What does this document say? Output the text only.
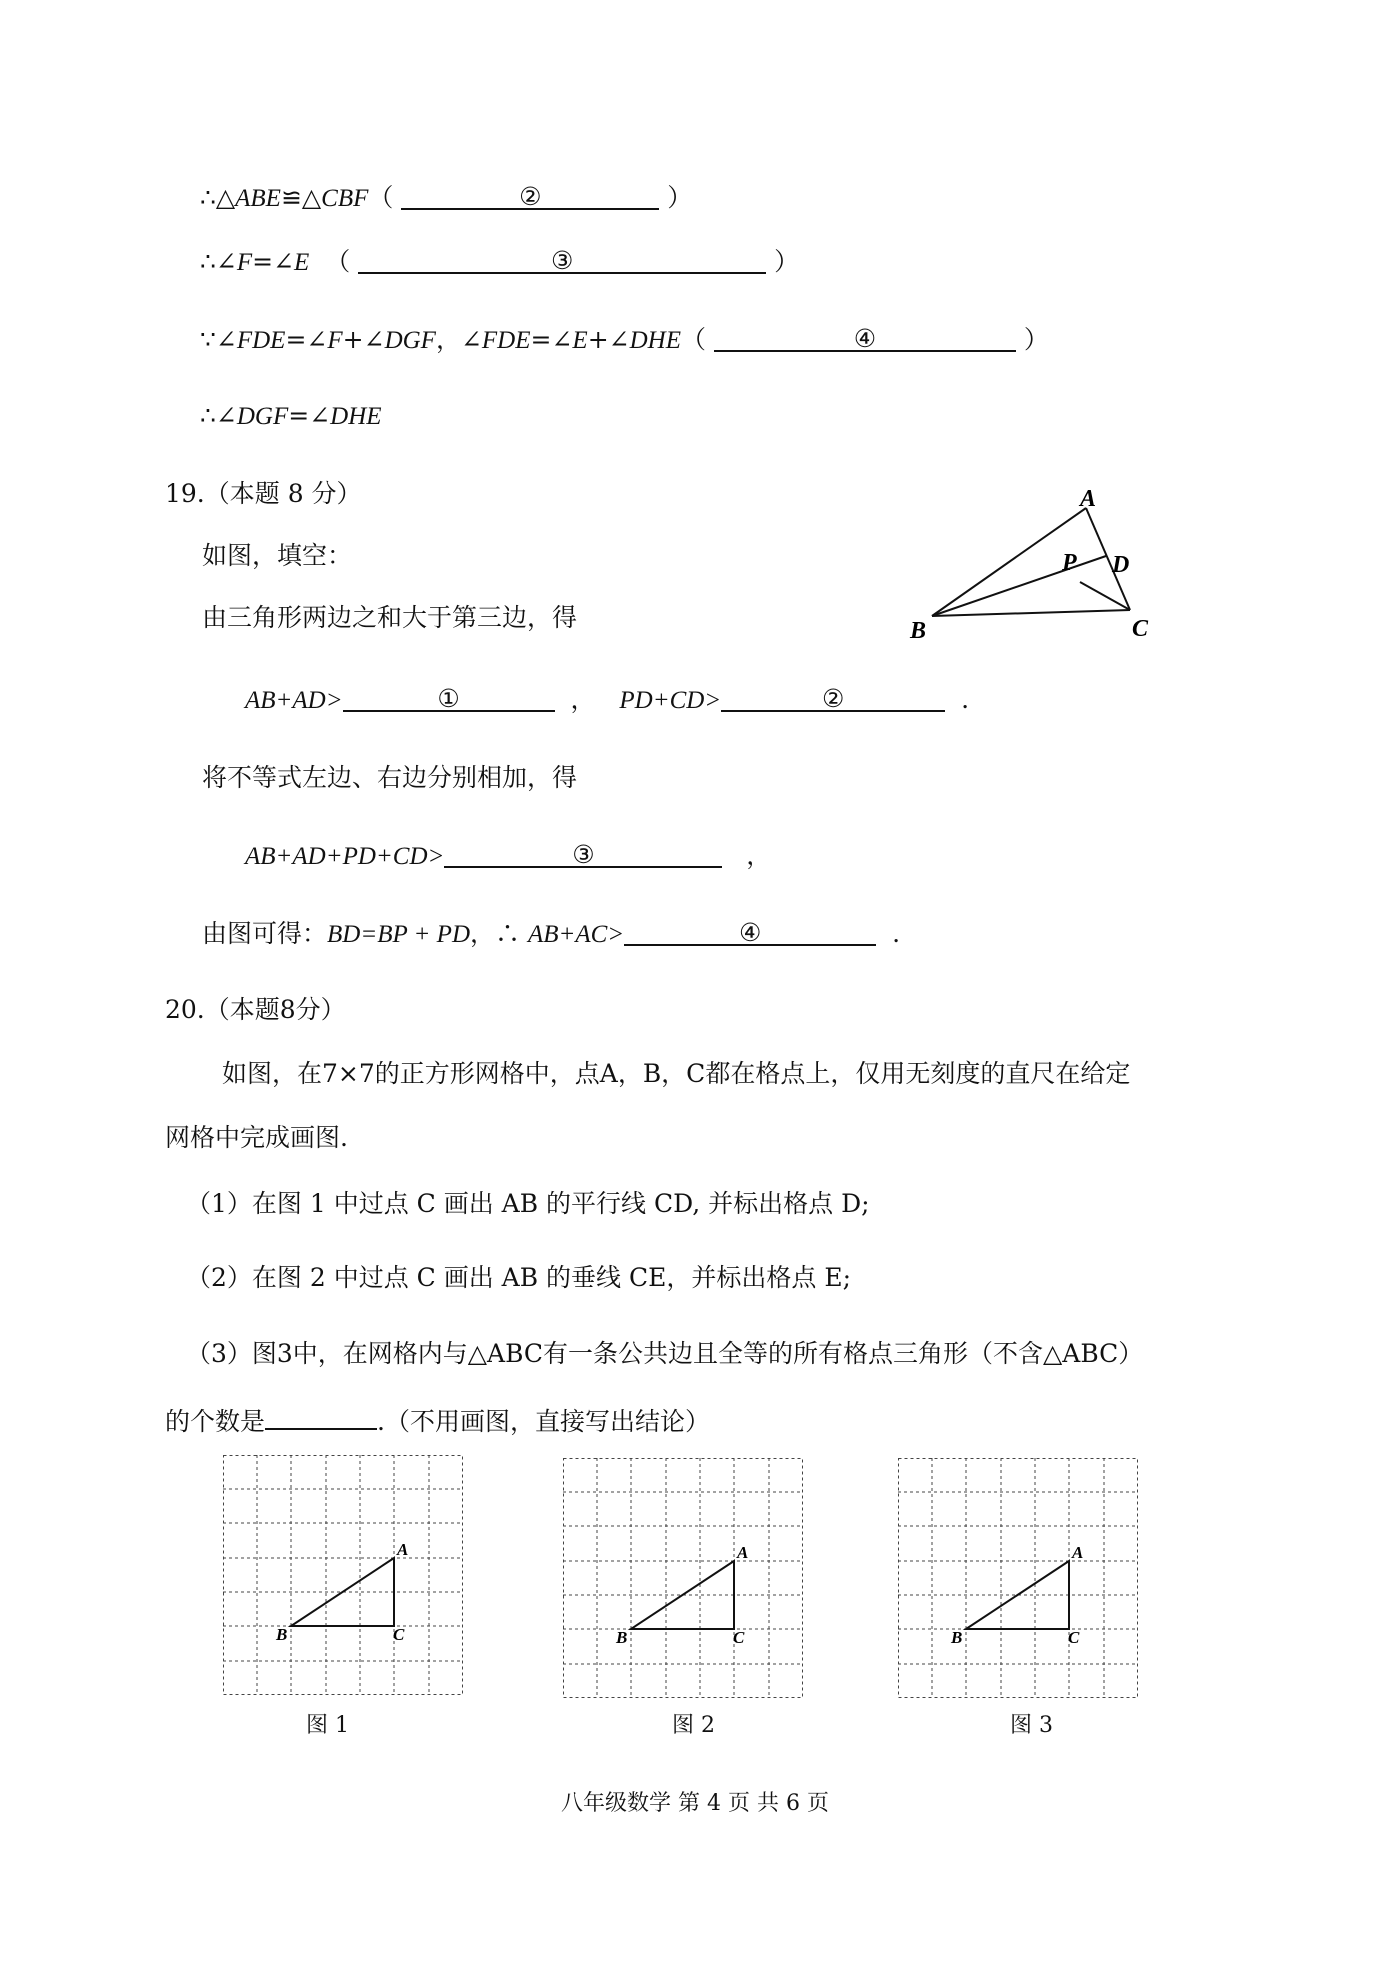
∴△ABE≌△CBF（	②	）
∴∠F=∠E （	③	）
∵∠FDE=∠F+∠DGF，∠FDE=∠E+∠DHE（	④	）
∴∠DGF=∠DHE
19.（本题 8 分）
如图，填空：
由三角形两边之和大于第三边，得
A
P D
B	C
AB+AD>	①	， PD+CD>	②	.
将不等式左边、右边分别相加，得
AB+AD+PD+CD>	③	，
由图可得：BD=BP + PD，∴ AB+AC>	④	.
20.（本题8分）
如图，在7×7的正方形网格中，点A，B，C都在格点上，仅用无刻度的直尺在给定
网格中完成画图.
（1）在图 1 中过点 C 画出 AB 的平行线 CD, 并标出格点 D;
（2）在图 2 中过点 C 画出 AB 的垂线 CE，并标出格点 E;
（3）图3中，在网格内与△ABC有一条公共边且全等的所有格点三角形（不含△ABC）
的个数是	.（不用画图，直接写出结论）
A
B	C
图 1
A
B	C
图 2
A
B	C
图 3
八年级数学 第 4 页 共 6 页
